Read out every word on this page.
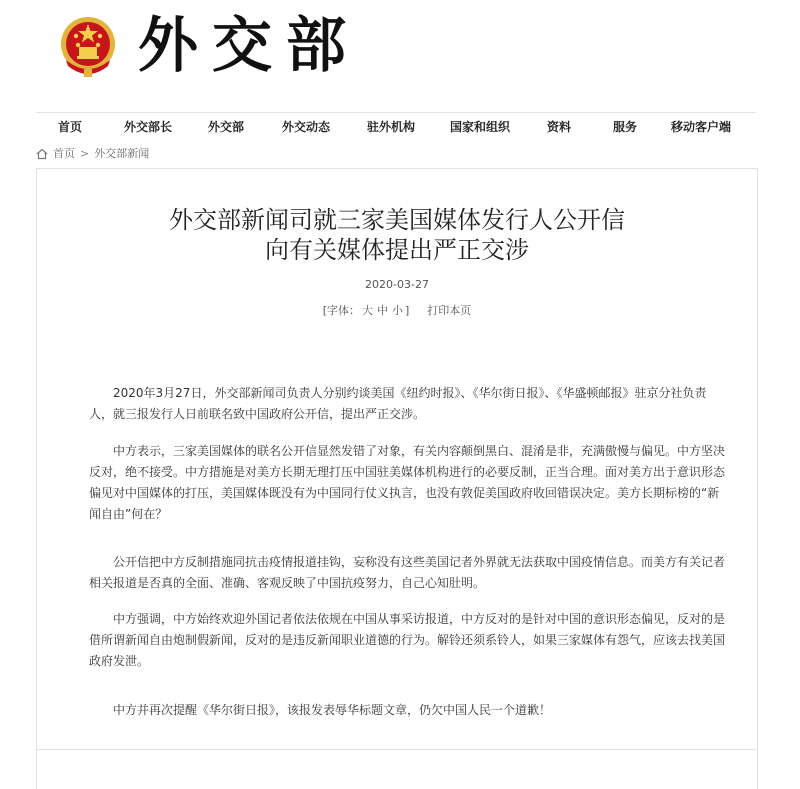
外交部
首页	外交部长	外交部	外交动态	驻外机构	国家和组织	资料	服务	移动客户端
首页 > 外交部新闻
外交部新闻司就三家美国媒体发行人公开信
向有关媒体提出严正交涉
2020-03-27
[字体： 大 中 小 ] 打印本页

2020年3月27日，外交部新闻司负责人分别约谈美国《纽约时报》、《华尔街日报》、《华盛顿邮报》驻京分社负责人，就三报发行人日前联名致中国政府公开信，提出严正交涉。

中方表示，三家美国媒体的联名公开信显然发错了对象，有关内容颠倒黑白、混淆是非，充满傲慢与偏见。中方坚决反对，绝不接受。中方措施是对美方长期无理打压中国驻美媒体机构进行的必要反制，正当合理。面对美方出于意识形态偏见对中国媒体的打压，美国媒体既没有为中国同行仗义执言，也没有敦促美国政府收回错误决定。美方长期标榜的“新闻自由”何在？

公开信把中方反制措施同抗击疫情报道挂钩，妄称没有这些美国记者外界就无法获取中国疫情信息。而美方有关记者相关报道是否真的全面、准确、客观反映了中国抗疫努力，自己心知肚明。

中方强调，中方始终欢迎外国记者依法依规在中国从事采访报道，中方反对的是针对中国的意识形态偏见，反对的是借所谓新闻自由炮制假新闻，反对的是违反新闻职业道德的行为。解铃还须系铃人，如果三家媒体有怨气，应该去找美国政府发泄。

中方并再次提醒《华尔街日报》，该报发表辱华标题文章，仍欠中国人民一个道歉！
